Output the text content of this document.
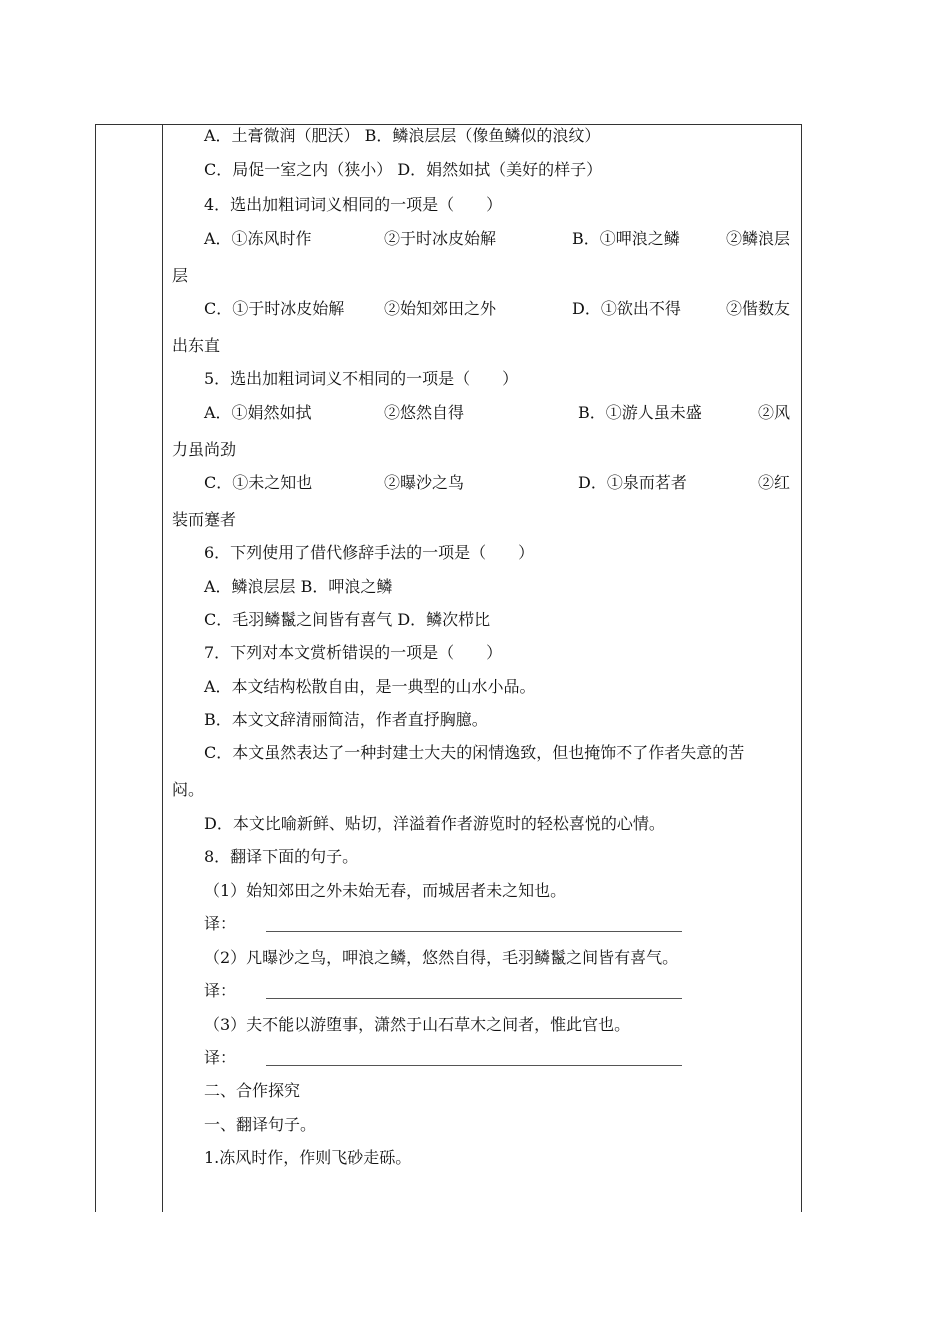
A．土膏微润（肥沃） B．鳞浪层层（像鱼鳞似的浪纹）
C．局促一室之内（狭小） D．娟然如拭（美好的样子）
4．选出加粗词词义相同的一项是（　　）
A．①冻风时作	②于时冰皮始解	B．①呷浪之鳞	②鳞浪层
层
C．①于时冰皮始解 ②始知郊田之外	D．①欲出不得	②偕数友
出东直
5．选出加粗词词义不相同的一项是（　　）
A．①娟然如拭	②悠然自得	B．①游人虽未盛	②风
力虽尚劲
C．①未之知也	②曝沙之鸟	D．①泉而茗者	②红
装而蹇者
6．下列使用了借代修辞手法的一项是（　　）
A．鳞浪层层 B．呷浪之鳞
C．毛羽鳞鬣之间皆有喜气 D．鳞次栉比
7．下列对本文赏析错误的一项是（　　）
A．本文结构松散自由，是一典型的山水小品。
B．本文文辞清丽简洁，作者直抒胸臆。
C．本文虽然表达了一种封建士大夫的闲情逸致，但也掩饰不了作者失意的苦
闷。
D．本文比喻新鲜、贴切，洋溢着作者游览时的轻松喜悦的心情。
8．翻译下面的句子。
（1）始知郊田之外未始无春，而城居者未之知也。
译：
（2）凡曝沙之鸟，呷浪之鳞，悠然自得，毛羽鳞鬣之间皆有喜气。
译：
（3）夫不能以游堕事，潇然于山石草木之间者，惟此官也。
译：
二、合作探究
一、翻译句子。
1.冻风时作，作则飞砂走砾。
